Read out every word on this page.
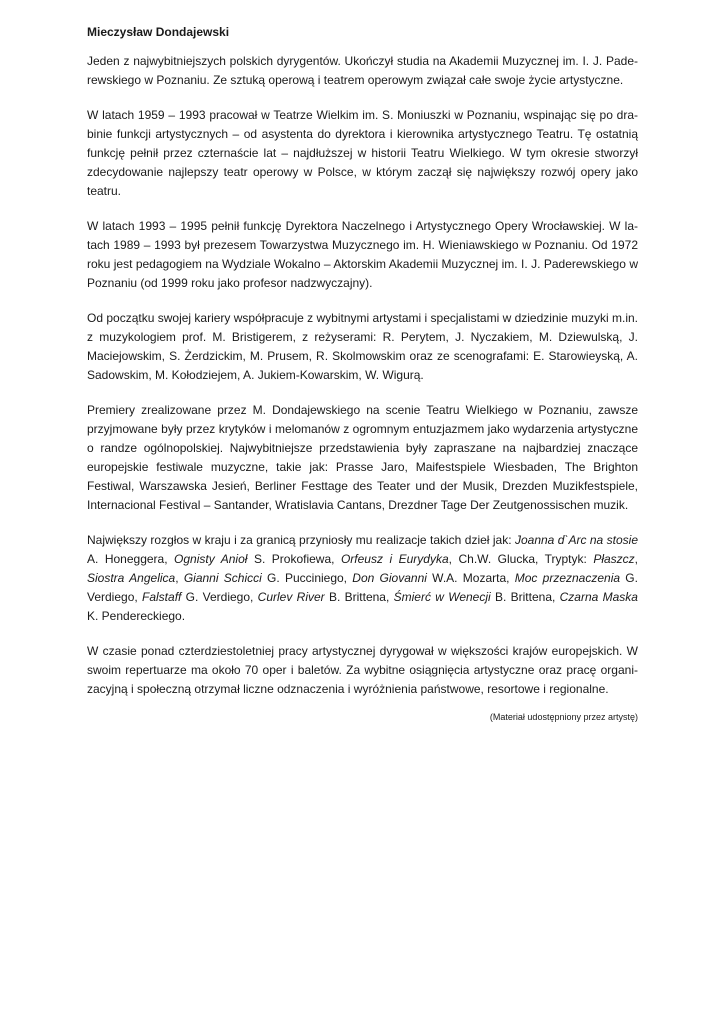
Mieczysław Dondajewski

Jeden z najwybitniejszych polskich dyrygentów. Ukończył studia na Akademii Muzycznej im. I. J. Paderewskiego w Poznaniu. Ze sztuką operową i teatrem operowym związał całe swoje życie artystyczne.

W latach 1959 – 1993 pracował w Teatrze Wielkim im. S. Moniuszki w Poznaniu, wspinając się po drabinie funkcji artystycznych – od asystenta do dyrektora i kierownika artystycznego Teatru. Tę ostatnią funkcję pełnił przez czternaście lat – najdłuższej w historii Teatru Wielkiego. W tym okresie stworzył zdecydowanie najlepszy teatr operowy w Polsce, w którym zaczął się największy rozwój opery jako teatru.

W latach 1993 – 1995 pełnił funkcję Dyrektora Naczelnego i Artystycznego Opery Wrocławskiej. W latach 1989 – 1993 był prezesem Towarzystwa Muzycznego im. H. Wieniawskiego w Poznaniu. Od 1972 roku jest pedagogiem na Wydziale Wokalno – Aktorskim Akademii Muzycznej im. I. J. Paderewskiego w Poznaniu (od 1999 roku jako profesor nadzwyczajny).

Od początku swojej kariery współpracuje z wybitnymi artystami i specjalistami w dziedzinie muzyki m.in. z muzykologiem prof. M. Bristigerem, z reżyserami: R. Perytem, J. Nyczakiem, M. Dziewulską, J. Maciejowskim, S. Żerdzickim, M. Prusem, R. Skolmowskim oraz ze scenografami: E. Starowieyską, A. Sadowskim, M. Kołodziejem, A. Jukiem-Kowarskim, W. Wigurą.

Premiery zrealizowane przez M. Dondajewskiego na scenie Teatru Wielkiego w Poznaniu, zawsze przyjmowane były przez krytyków i melomanów z ogromnym entuzjazmem jako wydarzenia artystyczne o randze ogólnopolskiej. Najwybitniejsze przedstawienia były zapraszane na najbardziej znaczące europejskie festiwale muzyczne, takie jak: Prasse Jaro, Maifestspiele Wiesbaden, The Brighton Festiwal, Warszawska Jesień, Berliner Festtage des Teater und der Musik, Drezden Muzikfestspiele, Internacional Festival – Santander, Wratislavia Cantans, Drezdner Tage Der Zeutgenossischen muzik.

Największy rozgłos w kraju i za granicą przyniosły mu realizacje takich dzieł jak: Joanna d`Arc na stosie A. Honeggera, Ognisty Anioł S. Prokofiewa, Orfeusz i Eurydyka, Ch.W. Glucka, Tryptyk: Płaszcz, Siostra Angelica, Gianni Schicci G. Pucciniego, Don Giovanni W.A. Mozarta, Moc przeznaczenia G. Verdiego, Falstaff G. Verdiego, Curlev River B. Brittena, Śmierć w Wenecji B. Brittena, Czarna Maska K. Pendereckiego.

W czasie ponad czterdziestoletniej pracy artystycznej dyrygował w większości krajów europejskich. W swoim repertuarze ma około 70 oper i baletów. Za wybitne osiągnięcia artystyczne oraz pracę organizacyjną i społeczną otrzymał liczne odznaczenia i wyróżnienia państwowe, resortowe i regionalne.

(Materiał udostępniony przez artystę)
